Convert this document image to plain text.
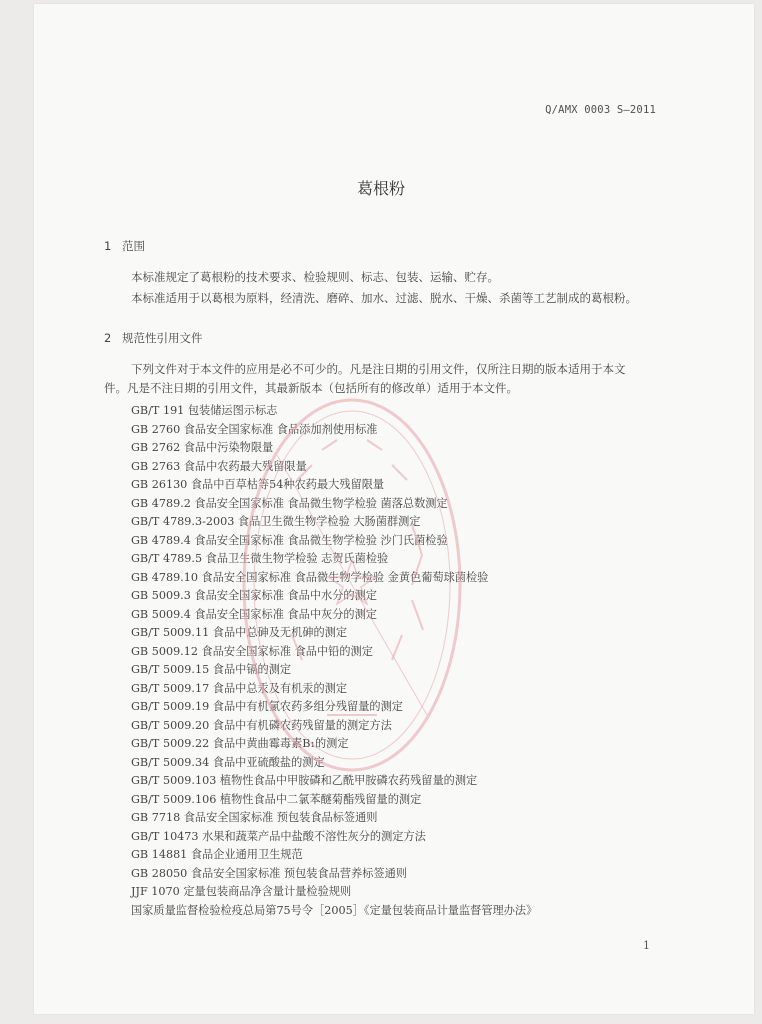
Q/AMX 0003 S—2011
葛根粉
1 范围

本标准规定了葛根粉的技术要求、检验规则、标志、包装、运输、贮存。

本标准适用于以葛根为原料，经清洗、磨碎、加水、过滤、脱水、干燥、杀菌等工艺制成的葛根粉。

2 规范性引用文件

下列文件对于本文件的应用是必不可少的。凡是注日期的引用文件，仅所注日期的版本适用于本文

件。凡是不注日期的引用文件，其最新版本（包括所有的修改单）适用于本文件。

GB/T 191 包装储运图示标志
GB 2760 食品安全国家标准 食品添加剂使用标准
GB 2762 食品中污染物限量
GB 2763 食品中农药最大残留限量
GB 26130 食品中百草枯等54种农药最大残留限量
GB 4789.2 食品安全国家标准 食品微生物学检验 菌落总数测定
GB/T 4789.3-2003 食品卫生微生物学检验 大肠菌群测定
GB 4789.4 食品安全国家标准 食品微生物学检验 沙门氏菌检验
GB/T 4789.5 食品卫生微生物学检验 志贺氏菌检验
GB 4789.10 食品安全国家标准 食品微生物学检验 金黄色葡萄球菌检验
GB 5009.3 食品安全国家标准 食品中水分的测定
GB 5009.4 食品安全国家标准 食品中灰分的测定
GB/T 5009.11 食品中总砷及无机砷的测定
GB 5009.12 食品安全国家标准 食品中铅的测定
GB/T 5009.15 食品中镉的测定
GB/T 5009.17 食品中总汞及有机汞的测定
GB/T 5009.19 食品中有机氯农药多组分残留量的测定
GB/T 5009.20 食品中有机磷农药残留量的测定方法
GB/T 5009.22 食品中黄曲霉毒素B₁的测定
GB/T 5009.34 食品中亚硫酸盐的测定
GB/T 5009.103 植物性食品中甲胺磷和乙酰甲胺磷农药残留量的测定
GB/T 5009.106 植物性食品中二氯苯醚菊酯残留量的测定
GB 7718 食品安全国家标准 预包装食品标签通则
GB/T 10473 水果和蔬菜产品中盐酸不溶性灰分的测定方法
GB 14881 食品企业通用卫生规范
GB 28050 食品安全国家标准 预包装食品营养标签通则
JJF 1070 定量包装商品净含量计量检验规则
国家质量监督检验检疫总局第75号令［2005］《定量包装商品计量监督管理办法》
1
